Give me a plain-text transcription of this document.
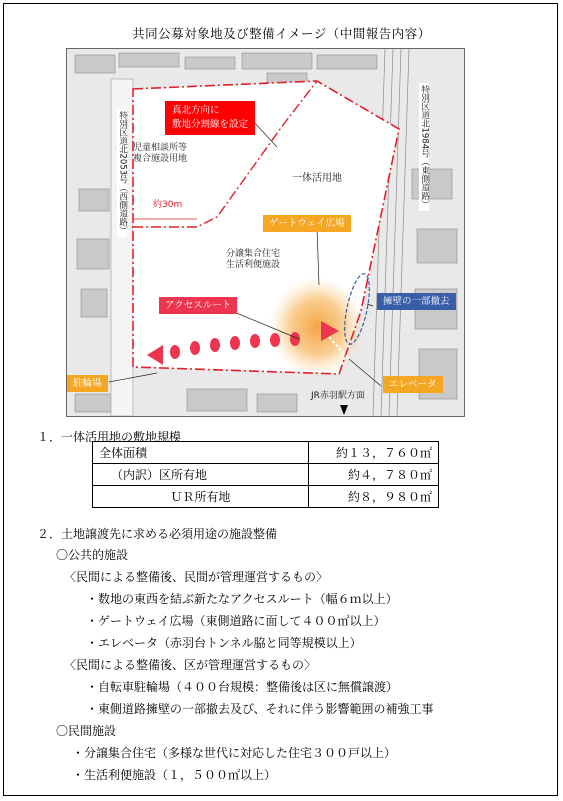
共同公募対象地及び整備イメージ（中間報告内容）
真北方向に
敷地分割線を設定
児童相談所等
複合施設用地
一体活用地
約30m
ゲートウェイ広場
分譲集合住宅
生活利便施設
アクセスルート	擁壁の一部撤去
駐輪場	エレベータ
JR赤羽駅方面
特別区道北2053号（西側道路）	特別区道北1984号（東側道路）
１．一体活用地の敷地規模
全体面積	約１３，７６０㎡
（内訳）区所有地	約４，７８０㎡
ＵＲ所有地	約８，９８０㎡
２．土地譲渡先に求める必須用途の施設整備
〇公共的施設
〈民間による整備後、民間が管理運営するもの〉
・数地の東西を結ぶ新たなアクセスルート（幅６ｍ以上）
・ゲートウェイ広場（東側道路に面して４００㎡以上）
・エレベータ（赤羽台トンネル脇と同等規模以上）
〈民間による整備後、区が管理運営するもの〉
・自転車駐輪場（４００台規模：整備後は区に無償譲渡）
・東側道路擁壁の一部撤去及び、それに伴う影響範囲の補強工事
〇民間施設
・分譲集合住宅（多様な世代に対応した住宅３００戸以上）
・生活利便施設（１，５００㎡以上）
